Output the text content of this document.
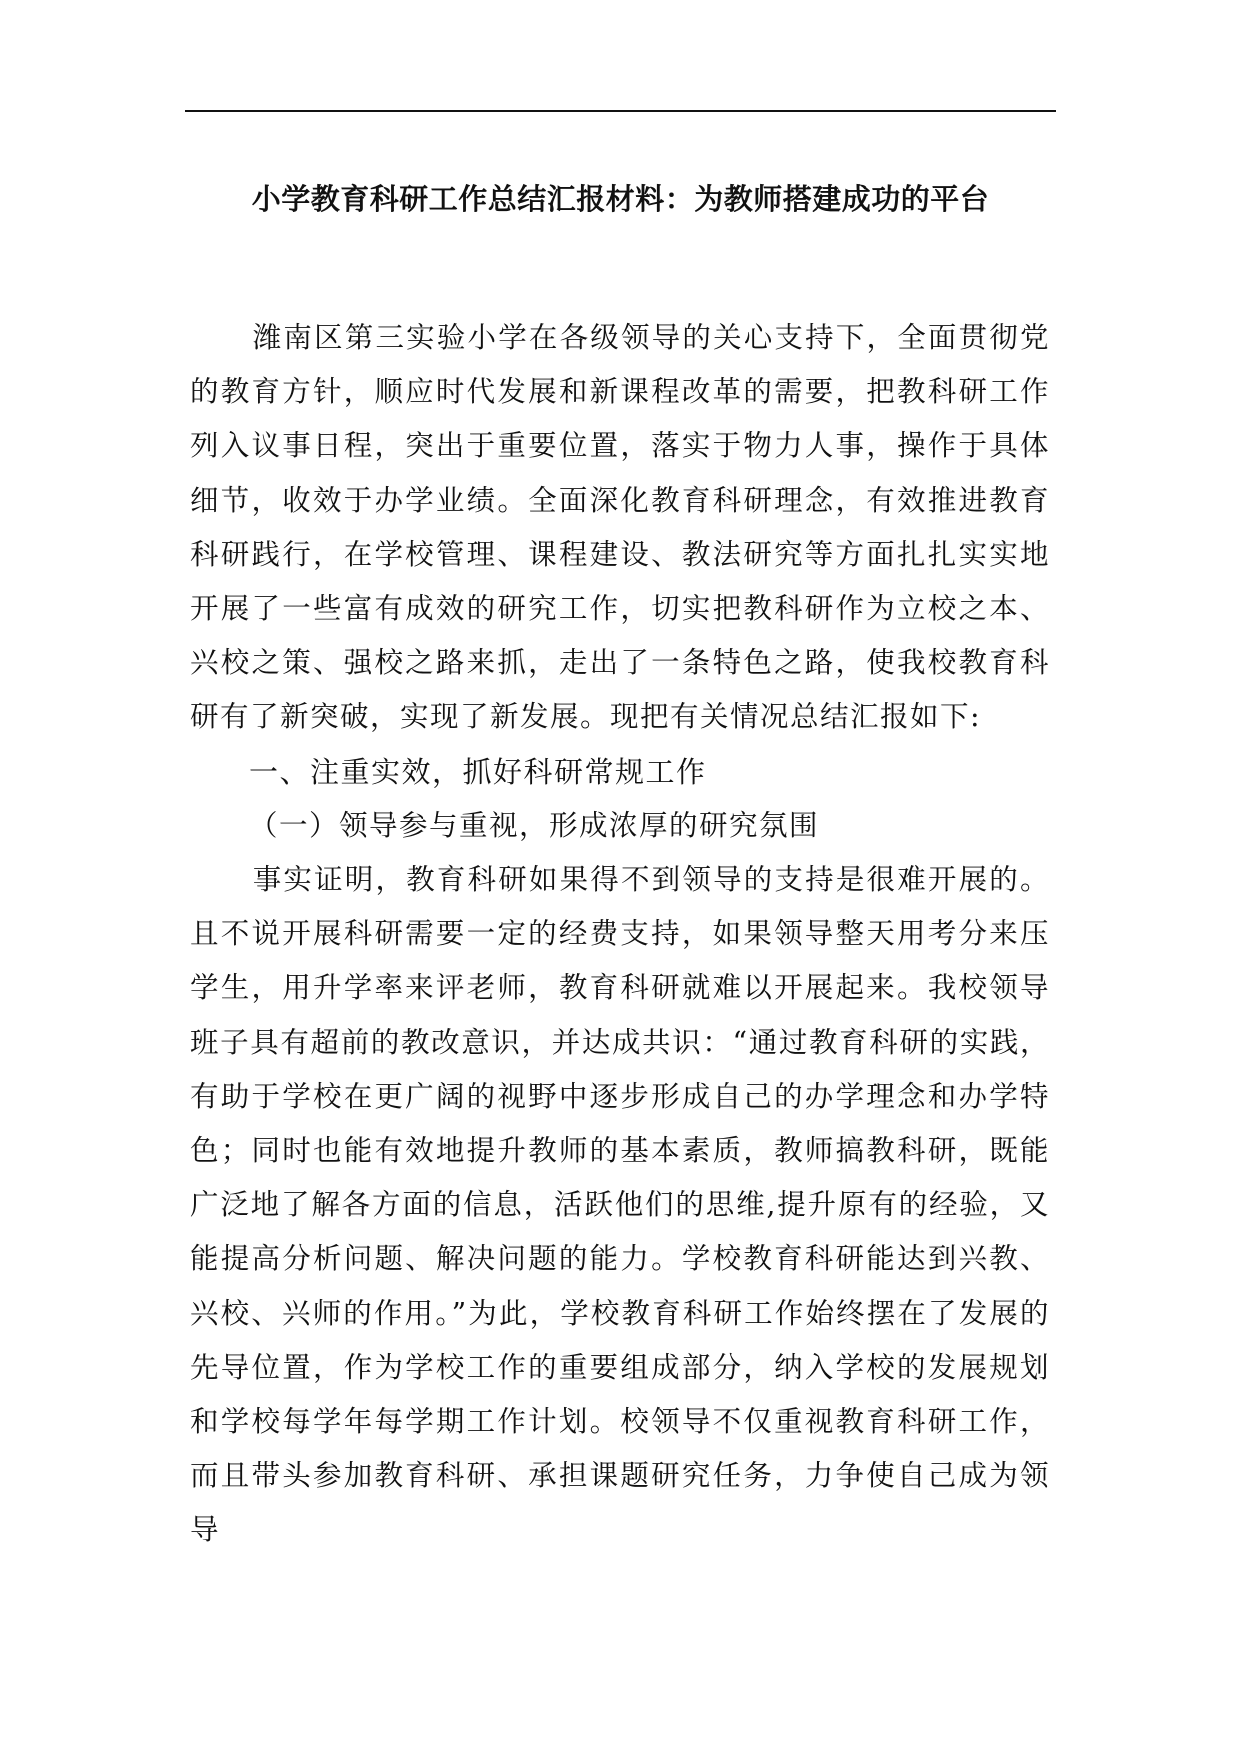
小学教育科研工作总结汇报材料：为教师搭建成功的平台

潍南区第三实验小学在各级领导的关心支持下，全面贯彻党的教育方针，顺应时代发展和新课程改革的需要，把教科研工作列入议事日程，突出于重要位置，落实于物力人事，操作于具体细节，收效于办学业绩。全面深化教育科研理念，有效推进教育科研践行，在学校管理、课程建设、教法研究等方面扎扎实实地开展了一些富有成效的研究工作，切实把教科研作为立校之本、兴校之策、强校之路来抓，走出了一条特色之路，使我校教育科研有了新突破，实现了新发展。现把有关情况总结汇报如下:

一、注重实效，抓好科研常规工作

（一）领导参与重视，形成浓厚的研究氛围

事实证明，教育科研如果得不到领导的支持是很难开展的。且不说开展科研需要一定的经费支持，如果领导整天用考分来压学生，用升学率来评老师，教育科研就难以开展起来。我校领导班子具有超前的教改意识，并达成共识：“通过教育科研的实践，有助于学校在更广阔的视野中逐步形成自己的办学理念和办学特色；同时也能有效地提升教师的基本素质，教师搞教科研，既能广泛地了解各方面的信息，活跃他们的思维,提升原有的经验，又能提高分析问题、解决问题的能力。学校教育科研能达到兴教、兴校、兴师的作用。”为此，学校教育科研工作始终摆在了发展的先导位置，作为学校工作的重要组成部分，纳入学校的发展规划和学校每学年每学期工作计划。校领导不仅重视教育科研工作，而且带头参加教育科研、承担课题研究任务，力争使自己成为领导
